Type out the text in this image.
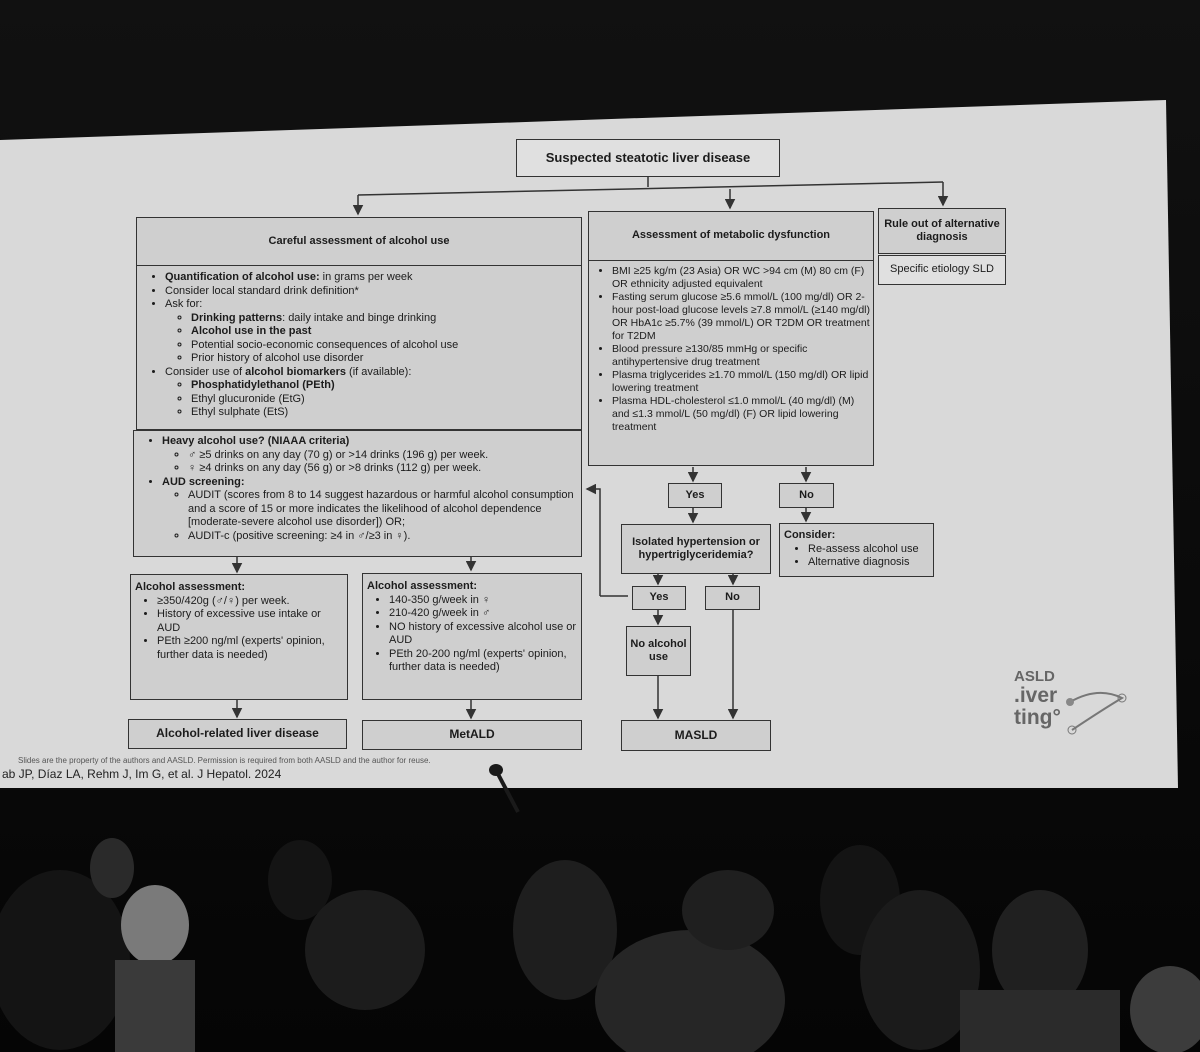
Suspected steatotic liver disease
Careful assessment of alcohol use
• Quantification of alcohol use: in grams per week
• Consider local standard drink definition*
• Ask for:
◦ Drinking patterns: daily intake and binge drinking
◦ Alcohol use in the past
◦ Potential socio-economic consequences of alcohol use
◦ Prior history of alcohol use disorder
• Consider use of alcohol biomarkers (if available):
◦ Phosphatidylethanol (PEth)
◦ Ethyl glucuronide (EtG)
◦ Ethyl sulphate (EtS)
• Heavy alcohol use? (NIAAA criteria)
◦ ♂ ≥5 drinks on any day (70 g) or >14 drinks (196 g) per week.
◦ ♀ ≥4 drinks on any day (56 g) or >8 drinks (112 g) per week.
• AUD screening:
◦ AUDIT (scores from 8 to 14 suggest hazardous or harmful alcohol consumption and a score of 15 or more indicates the likelihood of alcohol dependence [moderate-severe alcohol use disorder]) OR;
◦ AUDIT-c (positive screening: ≥4 in ♂/≥3 in ♀).
Assessment of metabolic dysfunction
• BMI ≥25 kg/m (23 Asia) OR WC >94 cm (M) 80 cm (F) OR ethnicity adjusted equivalent
• Fasting serum glucose ≥5.6 mmol/L (100 mg/dl) OR 2-hour post-load glucose levels ≥7.8 mmol/L (≥140 mg/dl) OR HbA1c ≥5.7% (39 mmol/L) OR T2DM OR treatment for T2DM
• Blood pressure ≥130/85 mmHg or specific antihypertensive drug treatment
• Plasma triglycerides ≥1.70 mmol/L (150 mg/dl) OR lipid lowering treatment
• Plasma HDL-cholesterol ≤1.0 mmol/L (40 mg/dl) (M) and ≤1.3 mmol/L (50 mg/dl) (F) OR lipid lowering treatment
Rule out of alternative diagnosis
Specific etiology SLD
Yes	No
Isolated hypertension or hypertriglyceridemia?
Consider:
• Re-assess alcohol use
• Alternative diagnosis
Yes	No
No alcohol use
Alcohol assessment:
• ≥350/420g (♂/♀) per week.
• History of excessive use intake or AUD
• PEth ≥200 ng/ml (experts' opinion, further data is needed)
Alcohol assessment:
• 140-350 g/week in ♀
• 210-420 g/week in ♂
• NO history of excessive alcohol use or AUD
• PEth 20-200 ng/ml (experts' opinion, further data is needed)
Alcohol-related liver disease	MetALD	MASLD
Slides are the property of the authors and AASLD. Permission is required from both AASLD and the author for reuse.
ab JP, Díaz LA, Rehm J, Im G, et al. J Hepatol. 2024
ASLD
.iver
ting°
